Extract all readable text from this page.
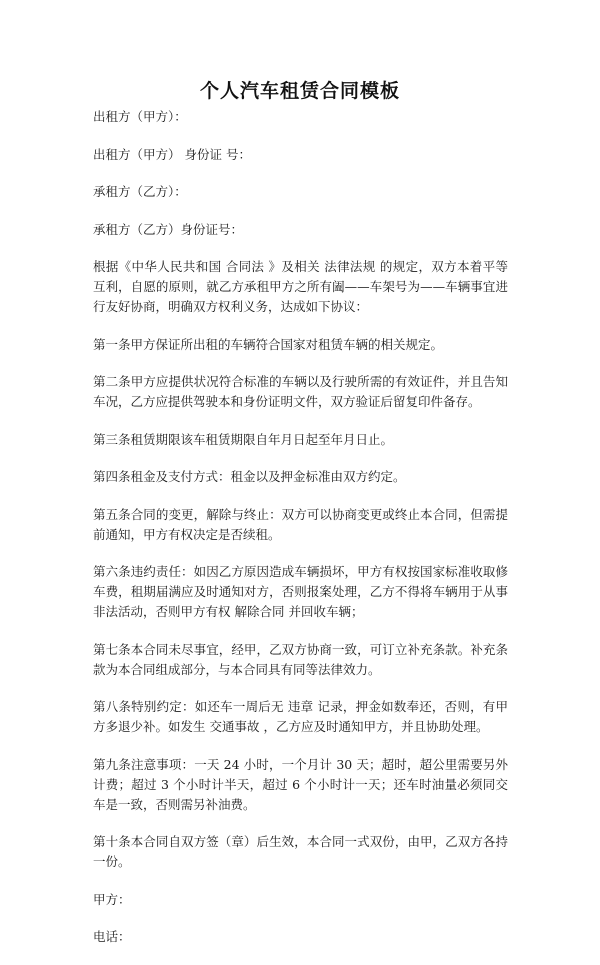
个人汽车租赁合同模板

出租方（甲方）：

出租方（甲方） 身份证 号：

承租方（乙方）：

承租方（乙方）身份证号：

根据《中华人民共和国 合同法 》及相关 法律法规 的规定，双方本着平等互利，自愿的原则，就乙方承租甲方之所有阖——车架号为——车辆事宜进行友好协商，明确双方权利义务，达成如下协议：

第一条甲方保证所出租的车辆符合国家对租赁车辆的相关规定。

第二条甲方应提供状况符合标准的车辆以及行驶所需的有效证件，并且告知车况，乙方应提供驾驶本和身份证明文件，双方验证后留复印件备存。

第三条租赁期限该车租赁期限自年月日起至年月日止。

第四条租金及支付方式：租金以及押金标准由双方约定。

第五条合同的变更，解除与终止：双方可以协商变更或终止本合同，但需提前通知，甲方有权决定是否续租。

第六条违约责任：如因乙方原因造成车辆损坏，甲方有权按国家标准收取修车费，租期届满应及时通知对方，否则报案处理，乙方不得将车辆用于从事非法活动，否则甲方有权 解除合同 并回收车辆；

第七条本合同未尽事宜，经甲，乙双方协商一致，可订立补充条款。补充条款为本合同组成部分，与本合同具有同等法律效力。

第八条特别约定：如还车一周后无 违章 记录，押金如数奉还，否则，有甲方多退少补。如发生 交通事故 ，乙方应及时通知甲方，并且协助处理。

第九条注意事项：一天 24 小时，一个月计 30 天；超时，超公里需要另外计费；超过 3 个小时计半天，超过 6 个小时计一天；还车时油量必须同交车是一致，否则需另补油费。

第十条本合同自双方签（章）后生效，本合同一式双份，由甲，乙双方各持一份。

甲方：

电话：
